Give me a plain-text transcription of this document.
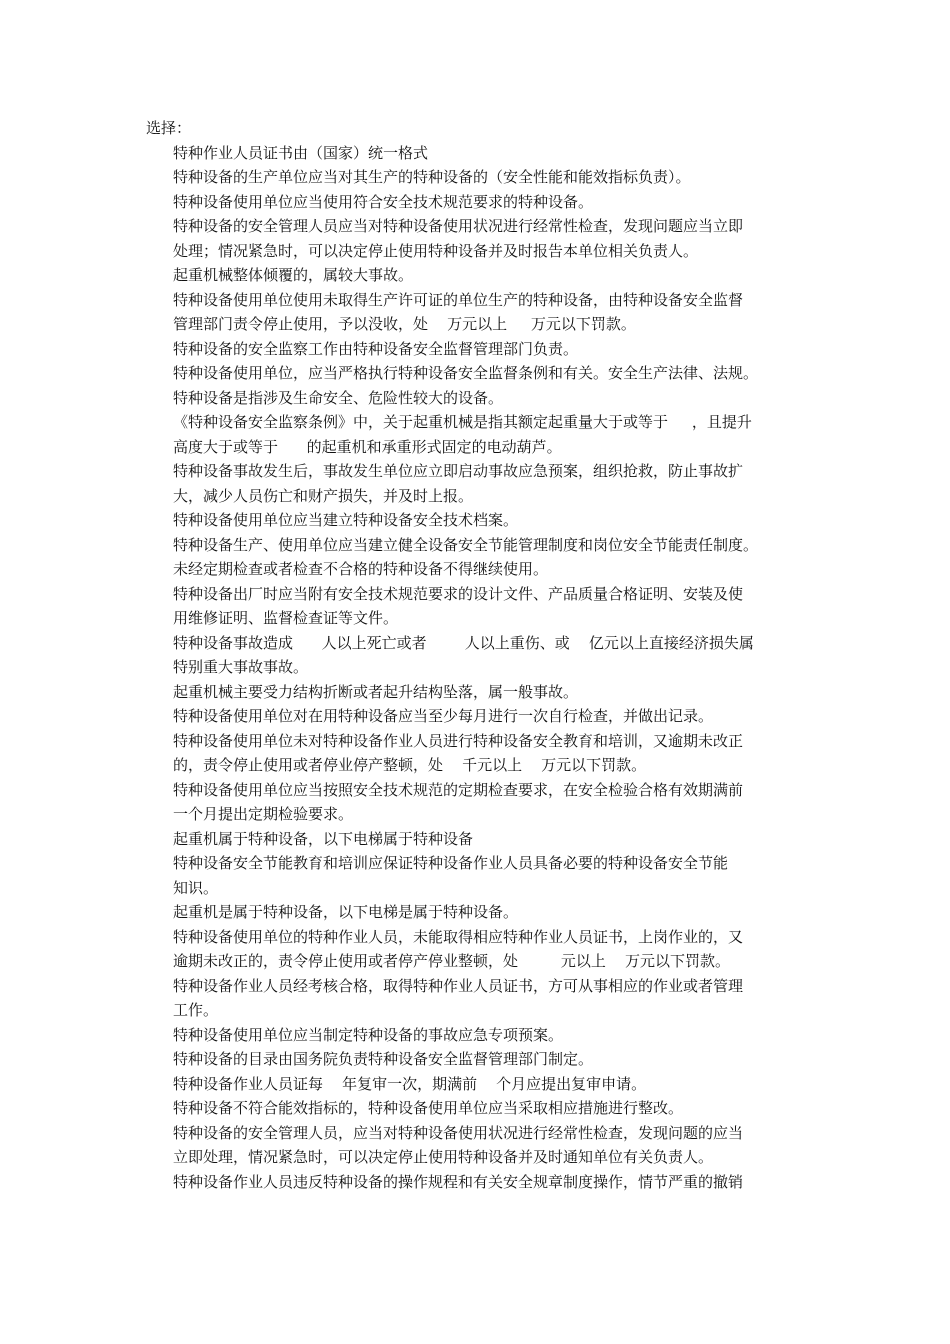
选择：

特种作业人员证书由（国家）统一格式
特种设备的生产单位应当对其生产的特种设备的（安全性能和能效指标负责）。
特种设备使用单位应当使用符合安全技术规范要求的特种设备。
特种设备的安全管理人员应当对特种设备使用状况进行经常性检查，发现问题应当立即
处理；情况紧急时，可以决定停止使用特种设备并及时报告本单位相关负责人。
起重机械整体倾覆的，属较大事故。
特种设备使用单位使用未取得生产许可证的单位生产的特种设备，由特种设备安全监督
管理部门责令停止使用，予以没收，处    万元以上     万元以下罚款。
特种设备的安全监察工作由特种设备安全监督管理部门负责。
特种设备使用单位，应当严格执行特种设备安全监督条例和有关。安全生产法律、法规。
特种设备是指涉及生命安全、危险性较大的设备。
《特种设备安全监察条例》中，关于起重机械是指其额定起重量大于或等于     ，且提升
高度大于或等于      的起重机和承重形式固定的电动葫芦。
特种设备事故发生后，事故发生单位应立即启动事故应急预案，组织抢救，防止事故扩
大，减少人员伤亡和财产损失，并及时上报。
特种设备使用单位应当建立特种设备安全技术档案。
特种设备生产、使用单位应当建立健全设备安全节能管理制度和岗位安全节能责任制度。
未经定期检查或者检查不合格的特种设备不得继续使用。
特种设备出厂时应当附有安全技术规范要求的设计文件、产品质量合格证明、安装及使
用维修证明、监督检查证等文件。
特种设备事故造成      人以上死亡或者        人以上重伤、或    亿元以上直接经济损失属
特别重大事故事故。
起重机械主要受力结构折断或者起升结构坠落，属一般事故。
特种设备使用单位对在用特种设备应当至少每月进行一次自行检查，并做出记录。
特种设备使用单位未对特种设备作业人员进行特种设备安全教育和培训，又逾期未改正
的，责令停止使用或者停业停产整顿，处    千元以上    万元以下罚款。
特种设备使用单位应当按照安全技术规范的定期检查要求，在安全检验合格有效期满前
一个月提出定期检验要求。
起重机属于特种设备，以下电梯属于特种设备
特种设备安全节能教育和培训应保证特种设备作业人员具备必要的特种设备安全节能
知识。
起重机是属于特种设备，以下电梯是属于特种设备。
特种设备使用单位的特种作业人员，未能取得相应特种作业人员证书，上岗作业的，又
逾期未改正的，责令停止使用或者停产停业整顿，处         元以上    万元以下罚款。
特种设备作业人员经考核合格，取得特种作业人员证书，方可从事相应的作业或者管理
工作。
特种设备使用单位应当制定特种设备的事故应急专项预案。
特种设备的目录由国务院负责特种设备安全监督管理部门制定。
特种设备作业人员证每    年复审一次，期满前    个月应提出复审申请。
特种设备不符合能效指标的，特种设备使用单位应当采取相应措施进行整改。
特种设备的安全管理人员，应当对特种设备使用状况进行经常性检查，发现问题的应当
立即处理，情况紧急时，可以决定停止使用特种设备并及时通知单位有关负责人。
特种设备作业人员违反特种设备的操作规程和有关安全规章制度操作，情节严重的撤销
